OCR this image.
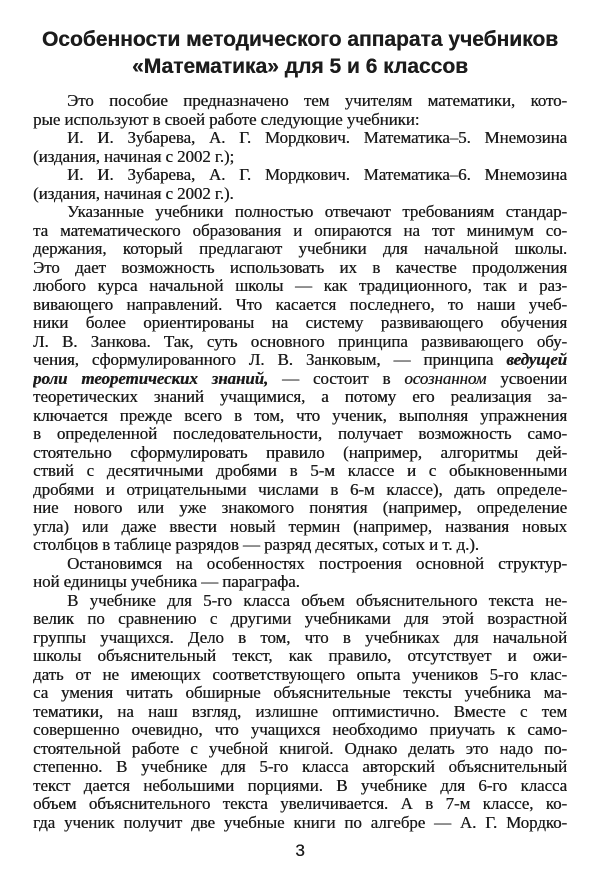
Особенности методического аппарата учебников
«Математика» для 5 и 6 классов
Это пособие предназначено тем учителям математики, кото-
рые используют в своей работе следующие учебники:
И. И. Зубарева, А. Г. Мордкович. Математика–5. Мнемозина
(издания, начиная с 2002 г.);
И. И. Зубарева, А. Г. Мордкович. Математика–6. Мнемозина
(издания, начиная с 2002 г.).
Указанные учебники полностью отвечают требованиям стандар-
та математического образования и опираются на тот минимум со-
держания, который предлагают учебники для начальной школы.
Это дает возможность использовать их в качестве продолжения
любого курса начальной школы — как традиционного, так и раз-
вивающего направлений. Что касается последнего, то наши учеб-
ники более ориентированы на систему развивающего обучения
Л. В. Занкова. Так, суть основного принципа развивающего обу-
чения, сформулированного Л. В. Занковым, — принципа ведущей
роли теоретических знаний, — состоит в осознанном усвоении
теоретических знаний учащимися, а потому его реализация за-
ключается прежде всего в том, что ученик, выполняя упражнения
в определенной последовательности, получает возможность само-
стоятельно сформулировать правило (например, алгоритмы дей-
ствий с десятичными дробями в 5-м классе и с обыкновенными
дробями и отрицательными числами в 6-м классе), дать определе-
ние нового или уже знакомого понятия (например, определение
угла) или даже ввести новый термин (например, названия новых
столбцов в таблице разрядов — разряд десятых, сотых и т. д.).
Остановимся на особенностях построения основной структур-
ной единицы учебника — параграфа.
В учебнике для 5-го класса объем объяснительного текста не-
велик по сравнению с другими учебниками для этой возрастной
группы учащихся. Дело в том, что в учебниках для начальной
школы объяснительный текст, как правило, отсутствует и ожи-
дать от не имеющих соответствующего опыта учеников 5-го клас-
са умения читать обширные объяснительные тексты учебника ма-
тематики, на наш взгляд, излишне оптимистично. Вместе с тем
совершенно очевидно, что учащихся необходимо приучать к само-
стоятельной работе с учебной книгой. Однако делать это надо по-
степенно. В учебнике для 5-го класса авторский объяснительный
текст дается небольшими порциями. В учебнике для 6-го класса
объем объяснительного текста увеличивается. А в 7-м классе, ко-
гда ученик получит две учебные книги по алгебре — А. Г. Мордко-
3
